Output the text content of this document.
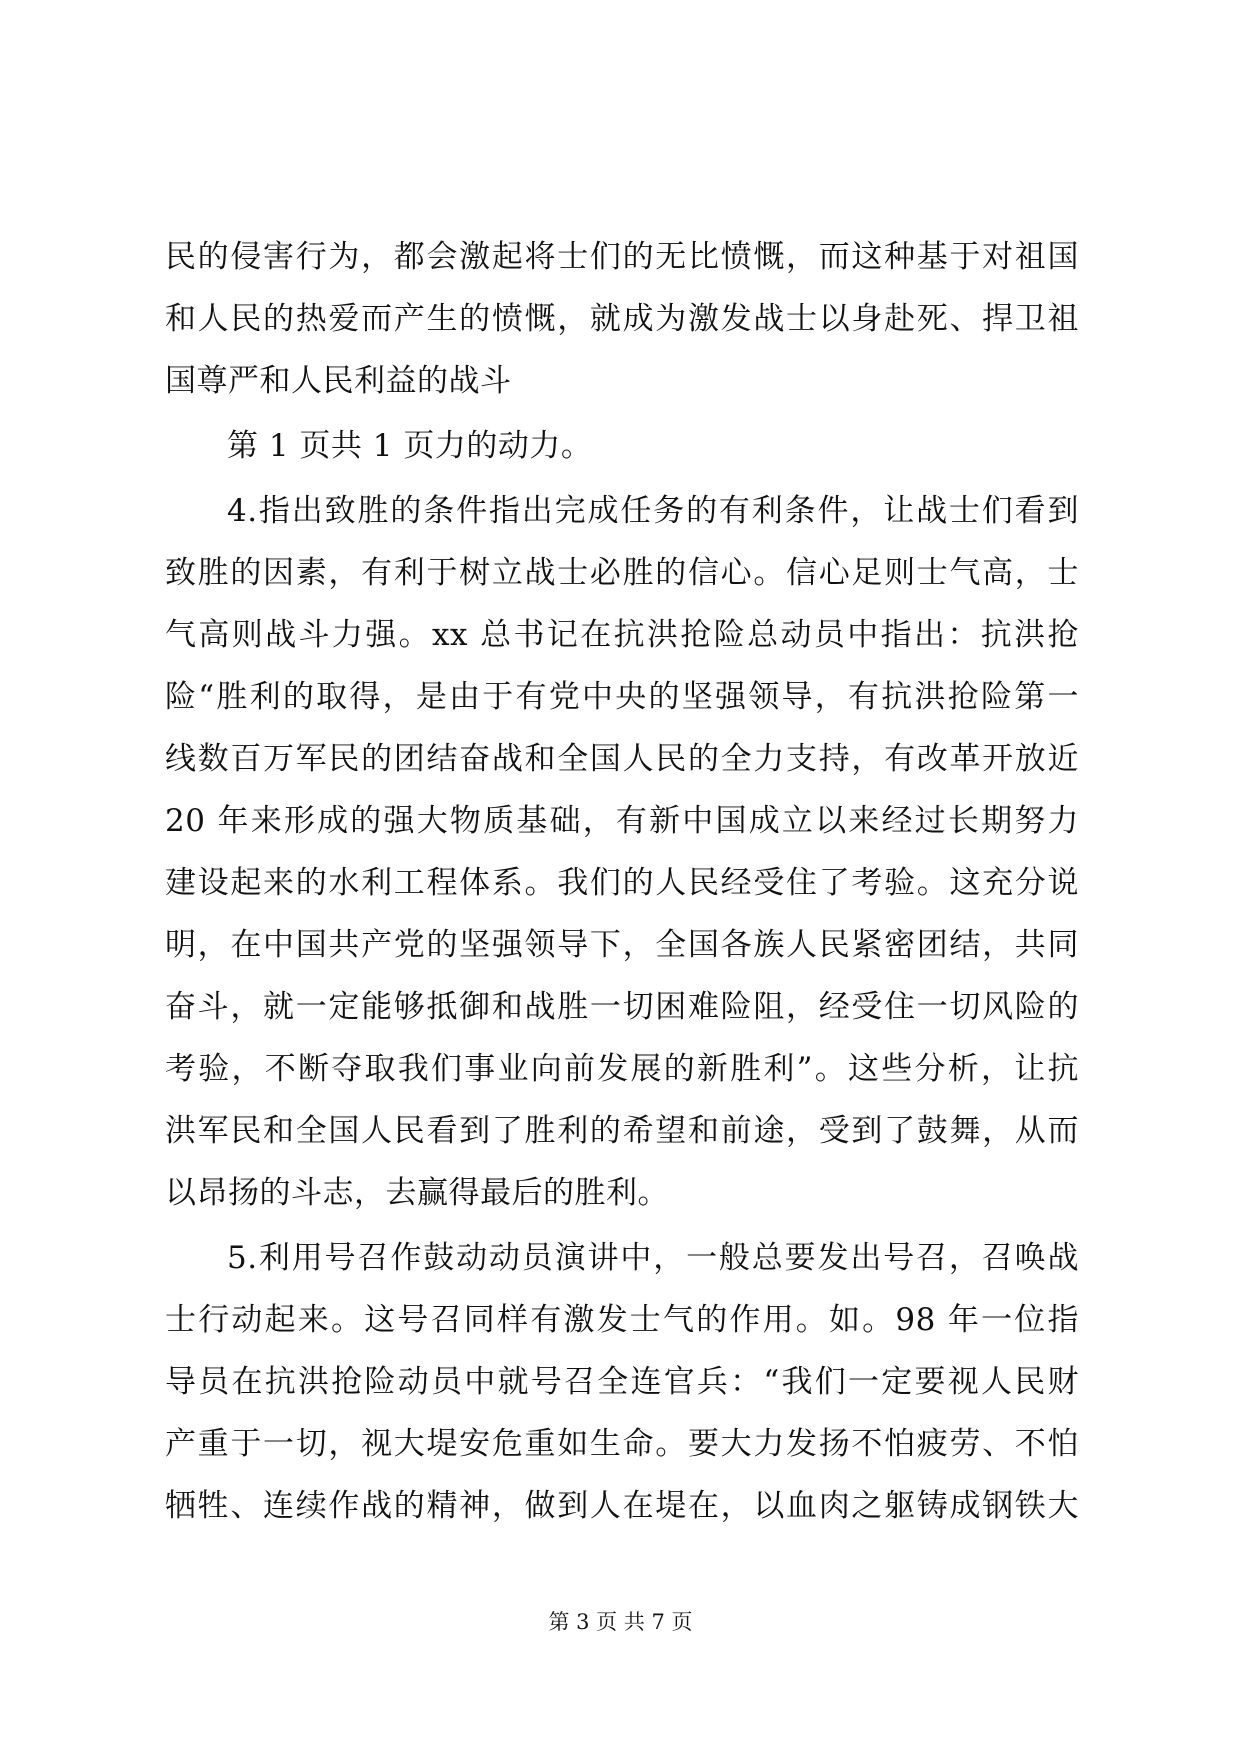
民的侵害行为，都会激起将士们的无比愤慨，而这种基于对祖国
和人民的热爱而产生的愤慨，就成为激发战士以身赴死、捍卫祖
国尊严和人民利益的战斗
第 1 页共 1 页力的动力。
4.指出致胜的条件指出完成任务的有利条件，让战士们看到
致胜的因素，有利于树立战士必胜的信心。信心足则士气高，士
气高则战斗力强。xx 总书记在抗洪抢险总动员中指出：抗洪抢
险“胜利的取得，是由于有党中央的坚强领导，有抗洪抢险第一
线数百万军民的团结奋战和全国人民的全力支持，有改革开放近
20 年来形成的强大物质基础，有新中国成立以来经过长期努力
建设起来的水利工程体系。我们的人民经受住了考验。这充分说
明，在中国共产党的坚强领导下，全国各族人民紧密团结，共同
奋斗，就一定能够抵御和战胜一切困难险阻，经受住一切风险的
考验，不断夺取我们事业向前发展的新胜利”。这些分析，让抗
洪军民和全国人民看到了胜利的希望和前途，受到了鼓舞，从而
以昂扬的斗志，去赢得最后的胜利。
5.利用号召作鼓动动员演讲中，一般总要发出号召，召唤战
士行动起来。这号召同样有激发士气的作用。如。98 年一位指
导员在抗洪抢险动员中就号召全连官兵：“我们一定要视人民财
产重于一切，视大堤安危重如生命。要大力发扬不怕疲劳、不怕
牺牲、连续作战的精神，做到人在堤在，以血肉之躯铸成钢铁大
第 3 页 共 7 页
